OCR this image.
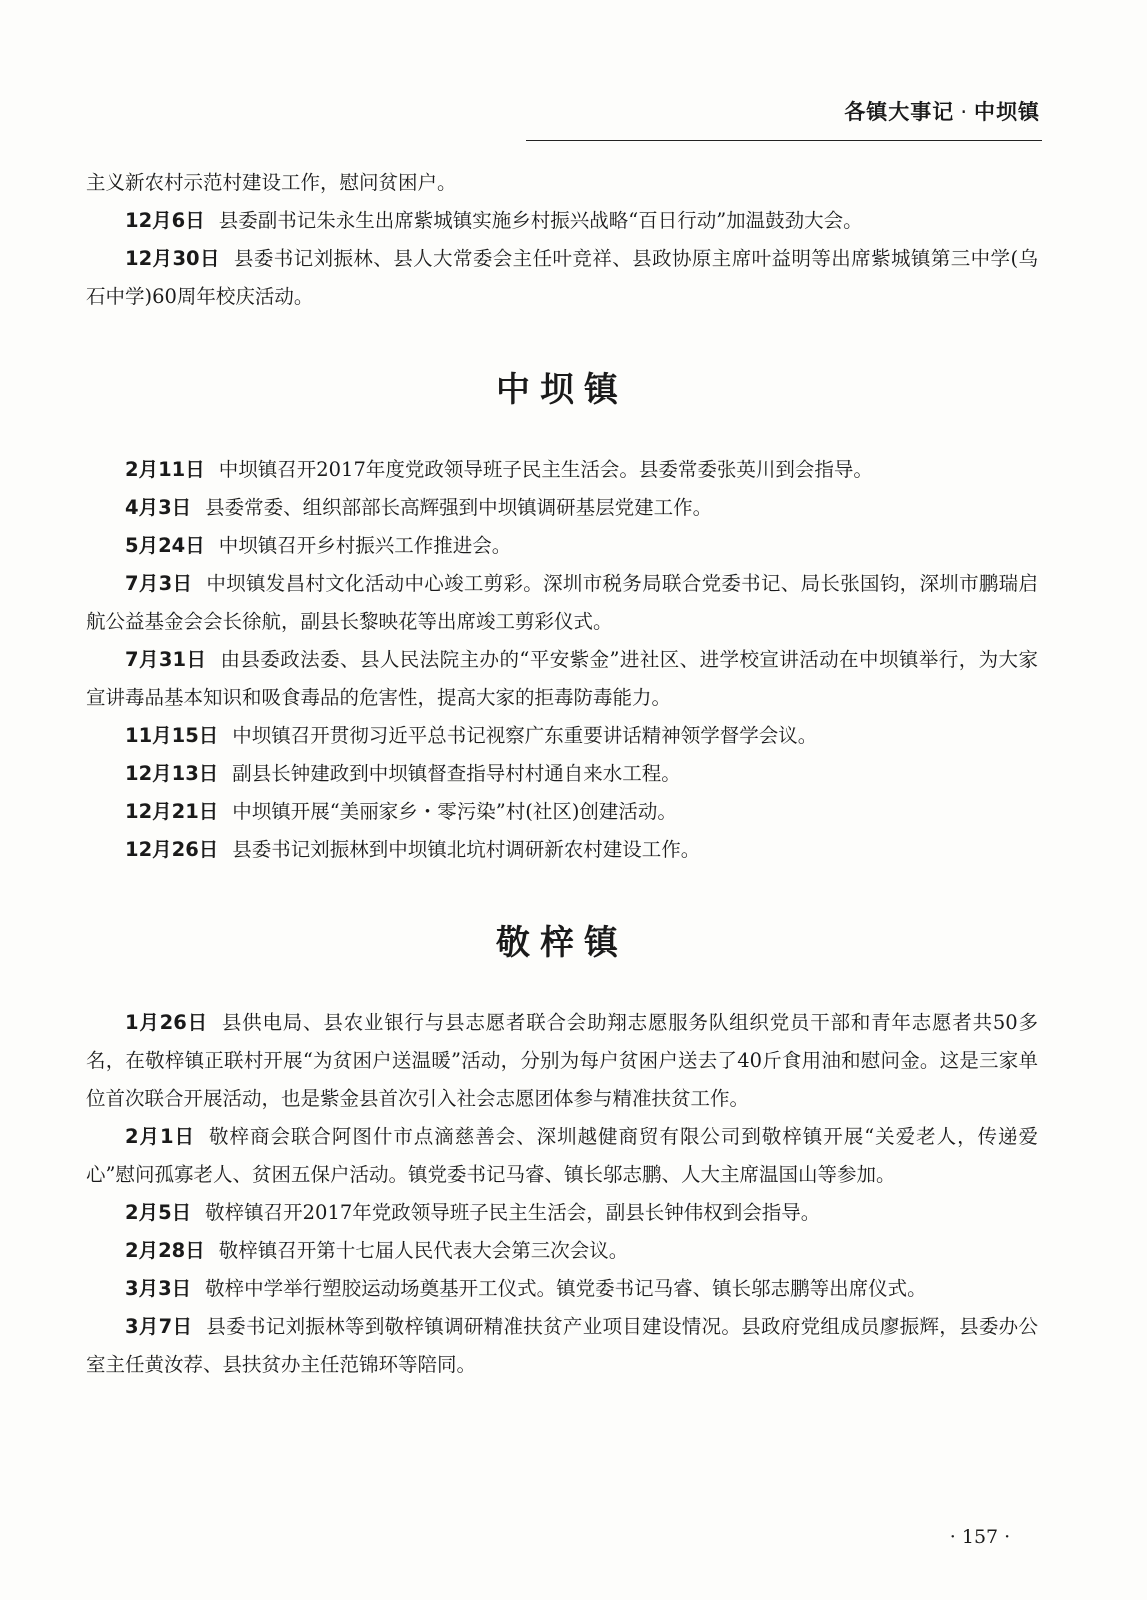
各镇大事记 · 中坝镇

主义新农村示范村建设工作，慰问贫困户。

12月6日 县委副书记朱永生出席紫城镇实施乡村振兴战略“百日行动”加温鼓劲大会。

12月30日 县委书记刘振林、县人大常委会主任叶竞祥、县政协原主席叶益明等出席紫城镇第三中学(乌石中学)60周年校庆活动。

中坝镇

2月11日 中坝镇召开2017年度党政领导班子民主生活会。县委常委张英川到会指导。

4月3日 县委常委、组织部部长高辉强到中坝镇调研基层党建工作。

5月24日 中坝镇召开乡村振兴工作推进会。

7月3日 中坝镇发昌村文化活动中心竣工剪彩。深圳市税务局联合党委书记、局长张国钧，深圳市鹏瑞启航公益基金会会长徐航，副县长黎映花等出席竣工剪彩仪式。

7月31日 由县委政法委、县人民法院主办的“平安紫金”进社区、进学校宣讲活动在中坝镇举行，为大家宣讲毒品基本知识和吸食毒品的危害性，提高大家的拒毒防毒能力。

11月15日 中坝镇召开贯彻习近平总书记视察广东重要讲话精神领学督学会议。

12月13日 副县长钟建政到中坝镇督查指导村村通自来水工程。

12月21日 中坝镇开展“美丽家乡・零污染”村(社区)创建活动。

12月26日 县委书记刘振林到中坝镇北坑村调研新农村建设工作。

敬梓镇

1月26日 县供电局、县农业银行与县志愿者联合会助翔志愿服务队组织党员干部和青年志愿者共50多名，在敬梓镇正联村开展“为贫困户送温暖”活动，分别为每户贫困户送去了40斤食用油和慰问金。这是三家单位首次联合开展活动，也是紫金县首次引入社会志愿团体参与精准扶贫工作。

2月1日 敬梓商会联合阿图什市点滴慈善会、深圳越健商贸有限公司到敬梓镇开展“关爱老人，传递爱心”慰问孤寡老人、贫困五保户活动。镇党委书记马睿、镇长邬志鹏、人大主席温国山等参加。

2月5日 敬梓镇召开2017年党政领导班子民主生活会，副县长钟伟权到会指导。

2月28日 敬梓镇召开第十七届人民代表大会第三次会议。

3月3日 敬梓中学举行塑胶运动场奠基开工仪式。镇党委书记马睿、镇长邬志鹏等出席仪式。

3月7日 县委书记刘振林等到敬梓镇调研精准扶贫产业项目建设情况。县政府党组成员廖振辉，县委办公室主任黄汝荐、县扶贫办主任范锦环等陪同。

· 157 ·
